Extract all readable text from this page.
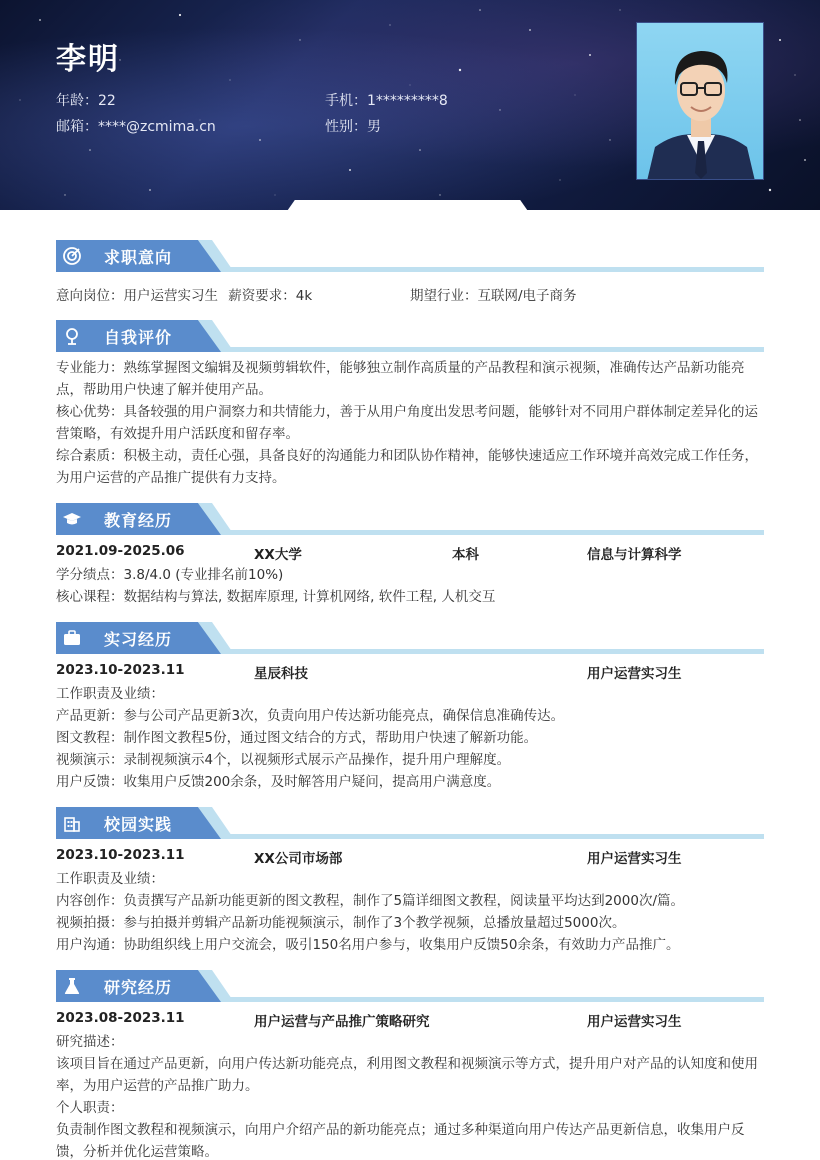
李明
年龄：22
邮箱：****@zcmima.cn
手机：1*********8
性别：男
求职意向
意向岗位：用户运营实习生 薪资要求：4k	期望行业：互联网/电子商务
自我评价
专业能力：熟练掌握图文编辑及视频剪辑软件，能够独立制作高质量的产品教程和演示视频，准确传达产品新功能亮点，帮助用户快速了解并使用产品。
核心优势：具备较强的用户洞察力和共情能力，善于从用户角度出发思考问题，能够针对不同用户群体制定差异化的运营策略，有效提升用户活跃度和留存率。
综合素质：积极主动，责任心强，具备良好的沟通能力和团队协作精神，能够快速适应工作环境并高效完成工作任务，为用户运营的产品推广提供有力支持。
教育经历
2021.09-2025.06	XX大学	本科	信息与计算科学
学分绩点：3.8/4.0 (专业排名前10%)
核心课程：数据结构与算法, 数据库原理, 计算机网络, 软件工程, 人机交互
实习经历
2023.10-2023.11	星辰科技	用户运营实习生
工作职责及业绩：
产品更新：参与公司产品更新3次，负责向用户传达新功能亮点，确保信息准确传达。
图文教程：制作图文教程5份，通过图文结合的方式，帮助用户快速了解新功能。
视频演示：录制视频演示4个，以视频形式展示产品操作，提升用户理解度。
用户反馈：收集用户反馈200余条，及时解答用户疑问，提高用户满意度。
校园实践
2023.10-2023.11	XX公司市场部	用户运营实习生
工作职责及业绩：
内容创作：负责撰写产品新功能更新的图文教程，制作了5篇详细图文教程，阅读量平均达到2000次/篇。
视频拍摄：参与拍摄并剪辑产品新功能视频演示，制作了3个教学视频，总播放量超过5000次。
用户沟通：协助组织线上用户交流会，吸引150名用户参与，收集用户反馈50余条，有效助力产品推广。
研究经历
2023.08-2023.11	用户运营与产品推广策略研究	用户运营实习生
研究描述：
该项目旨在通过产品更新，向用户传达新功能亮点，利用图文教程和视频演示等方式，提升用户对产品的认知度和使用率，为用户运营的产品推广助力。
个人职责：
负责制作图文教程和视频演示，向用户介绍产品的新功能亮点；通过多种渠道向用户传达产品更新信息，收集用户反馈，分析并优化运营策略。
